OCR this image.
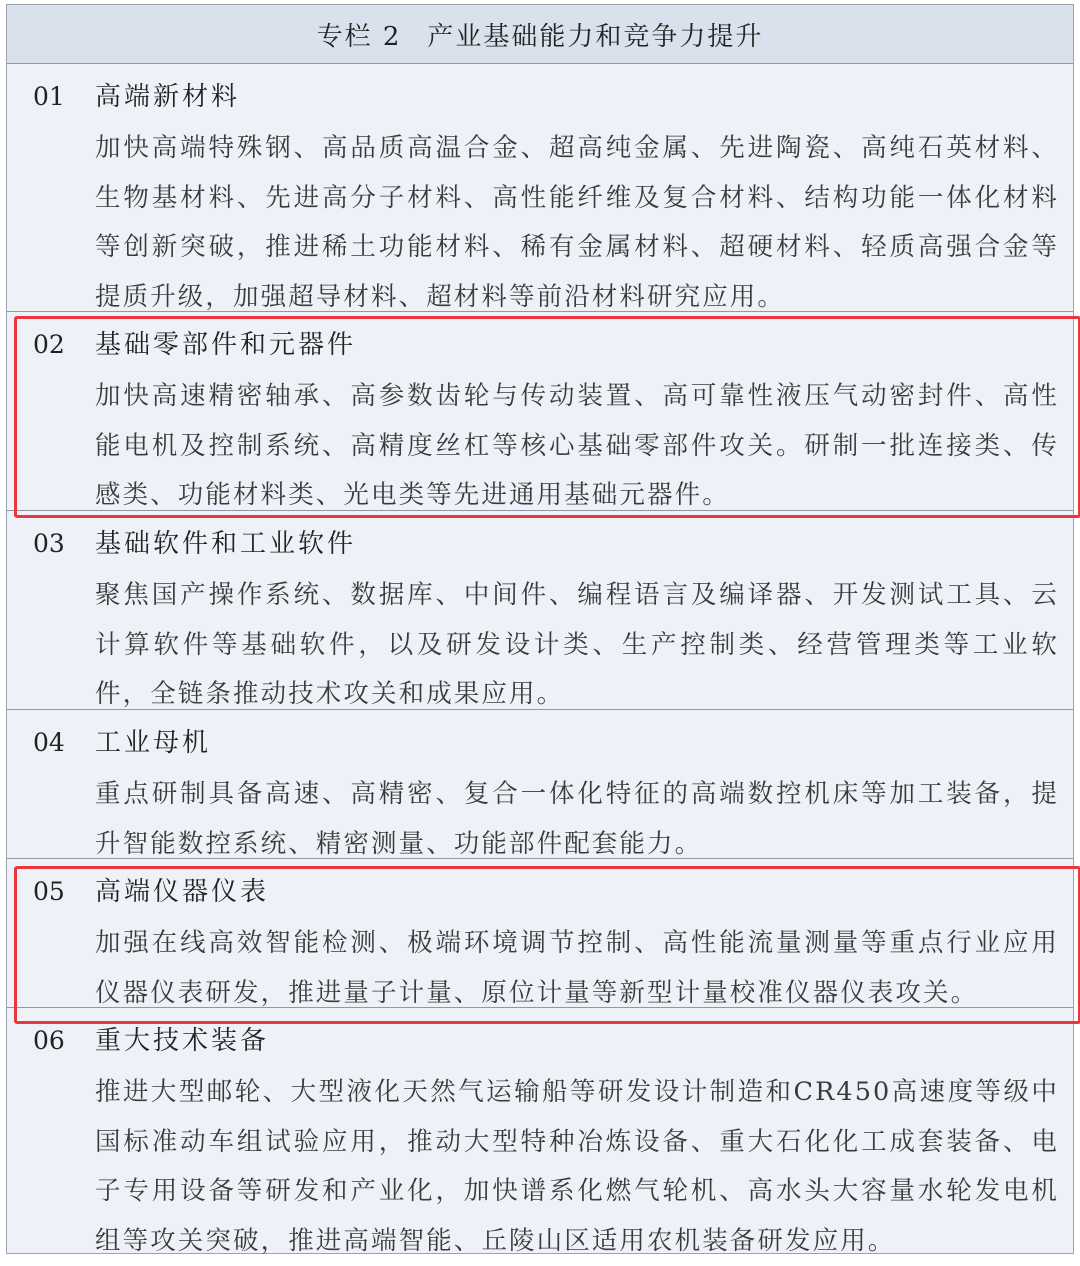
专栏 2 产业基础能力和竞争力提升
01	高端新材料
加快高端特殊钢、高品质高温合金、超高纯金属、先进陶瓷、高纯石英材料、生物基材料、先进高分子材料、高性能纤维及复合材料、结构功能一体化材料等创新突破，推进稀土功能材料、稀有金属材料、超硬材料、轻质高强合金等提质升级，加强超导材料、超材料等前沿材料研究应用。
02	基础零部件和元器件
加快高速精密轴承、高参数齿轮与传动装置、高可靠性液压气动密封件、高性能电机及控制系统、高精度丝杠等核心基础零部件攻关。研制一批连接类、传感类、功能材料类、光电类等先进通用基础元器件。
03	基础软件和工业软件
聚焦国产操作系统、数据库、中间件、编程语言及编译器、开发测试工具、云计算软件等基础软件，以及研发设计类、生产控制类、经营管理类等工业软件，全链条推动技术攻关和成果应用。
04	工业母机
重点研制具备高速、高精密、复合一体化特征的高端数控机床等加工装备，提升智能数控系统、精密测量、功能部件配套能力。
05	高端仪器仪表
加强在线高效智能检测、极端环境调节控制、高性能流量测量等重点行业应用仪器仪表研发，推进量子计量、原位计量等新型计量校准仪器仪表攻关。
06	重大技术装备
推进大型邮轮、大型液化天然气运输船等研发设计制造和CR450高速度等级中国标准动车组试验应用，推动大型特种冶炼设备、重大石化化工成套装备、电子专用设备等研发和产业化，加快谱系化燃气轮机、高水头大容量水轮发电机组等攻关突破，推进高端智能、丘陵山区适用农机装备研发应用。
